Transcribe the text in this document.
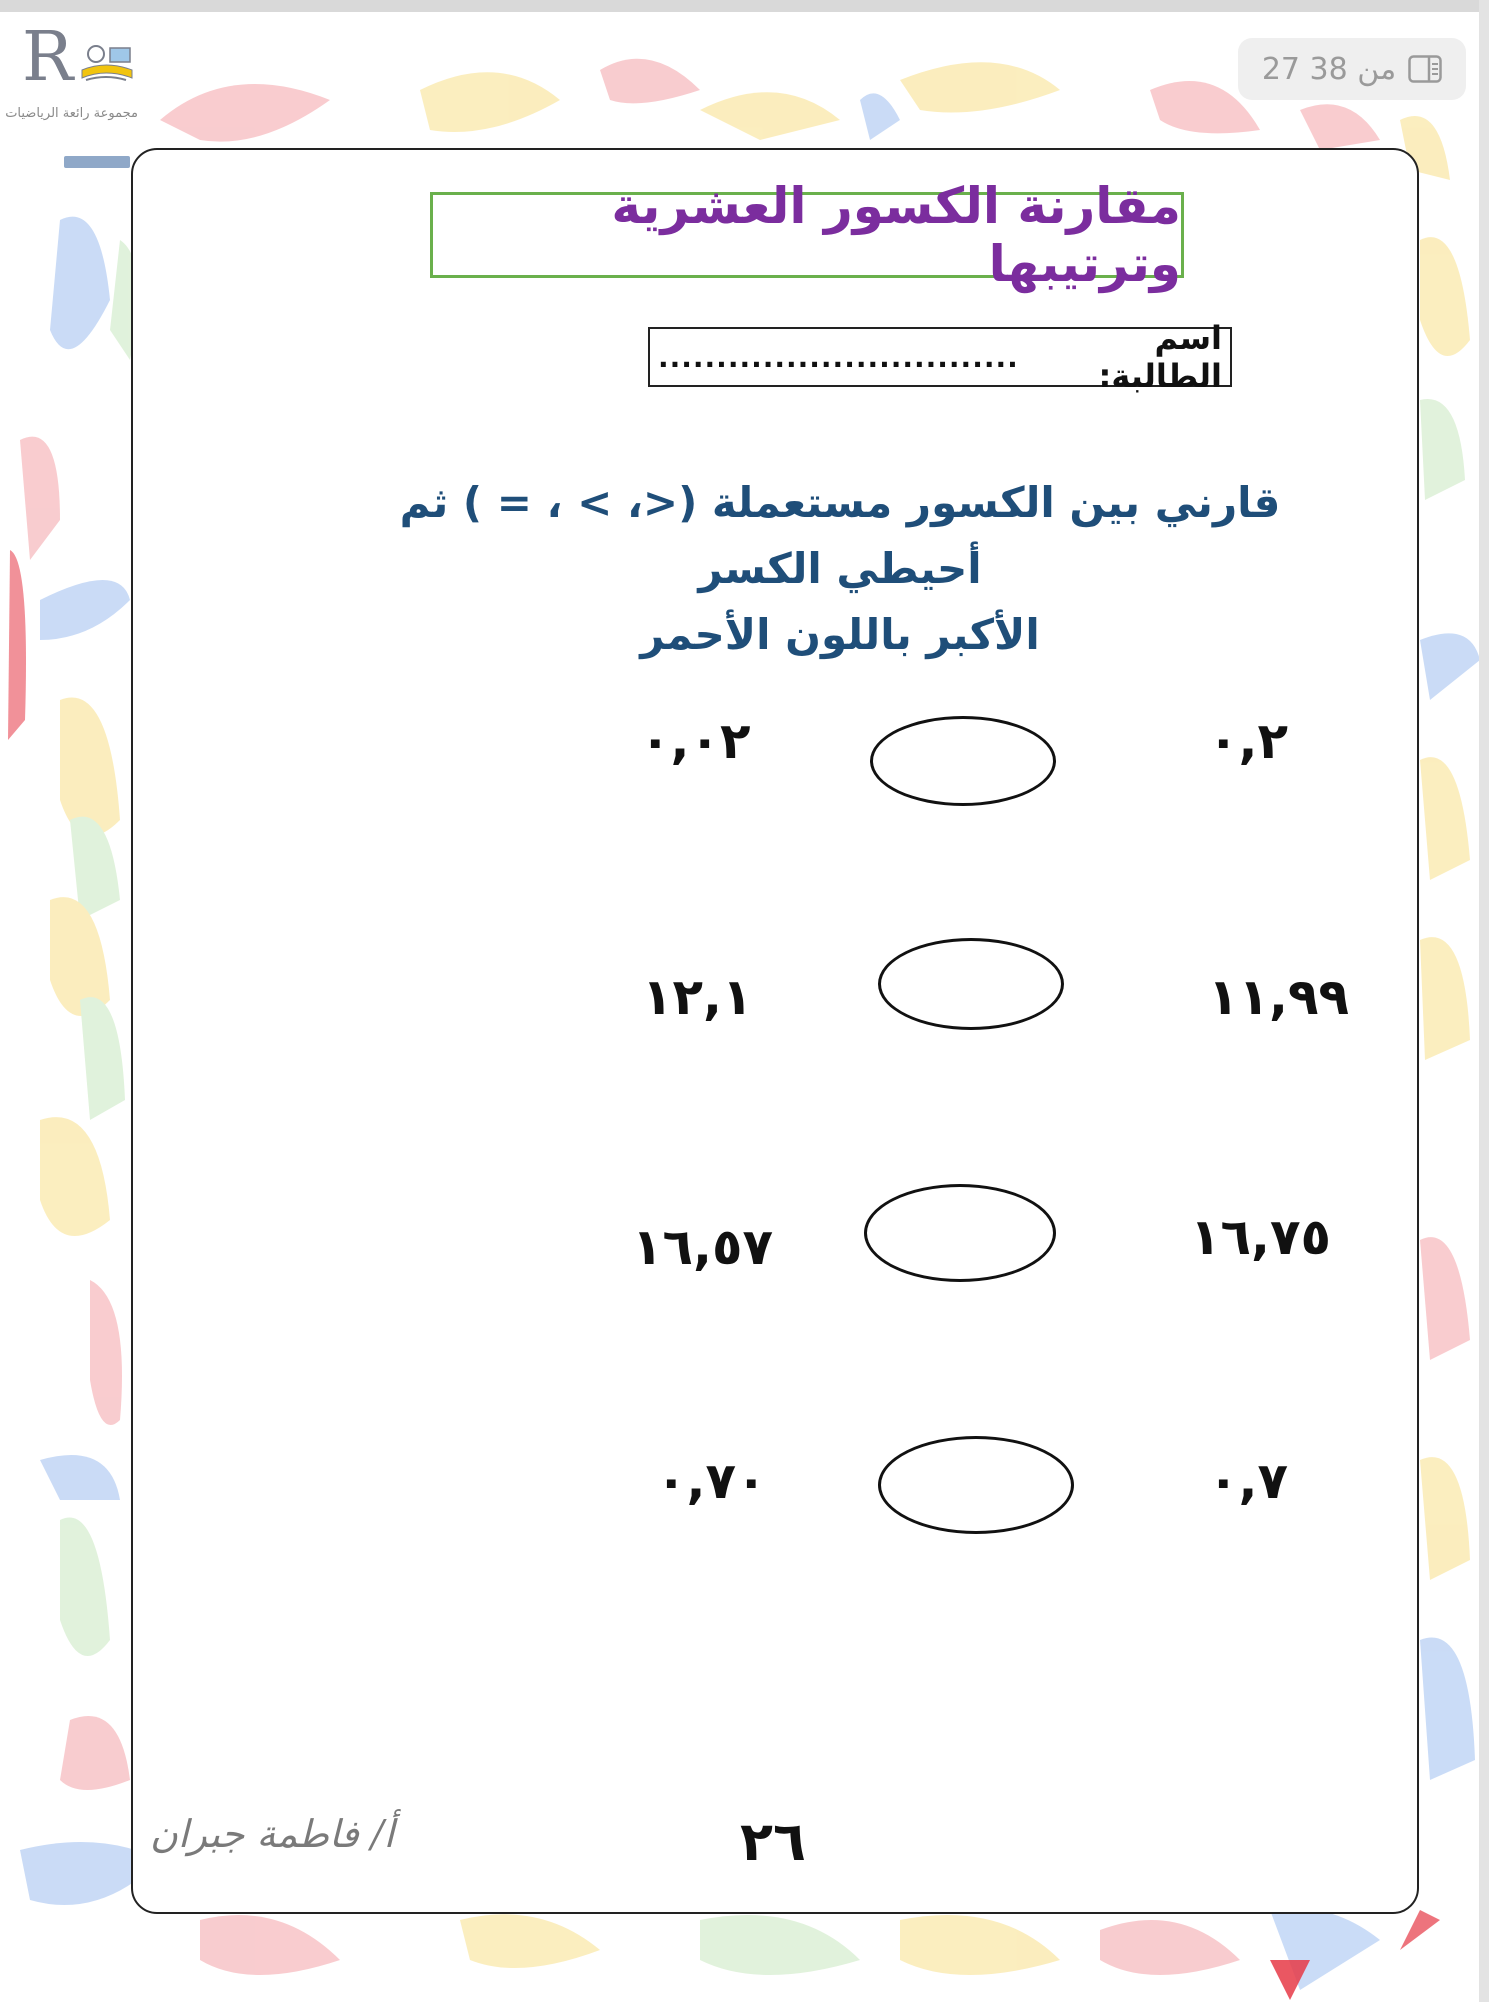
27 من 38
R
مجموعة رائعة الرياضيات
مقارنة الكسور العشرية وترتيبها
اسم الطالبة:
...............................
قارني بين الكسور مستعملة (<، > ، = ) ثم أحيطي الكسر
الأكبر باللون الأحمر
٠,٢
٠,٠٢
١١,٩٩
١٢,١
١٦,٧٥
١٦,٥٧
٠,٧
٠,٧٠
٢٦
أ/ فاطمة جبران
